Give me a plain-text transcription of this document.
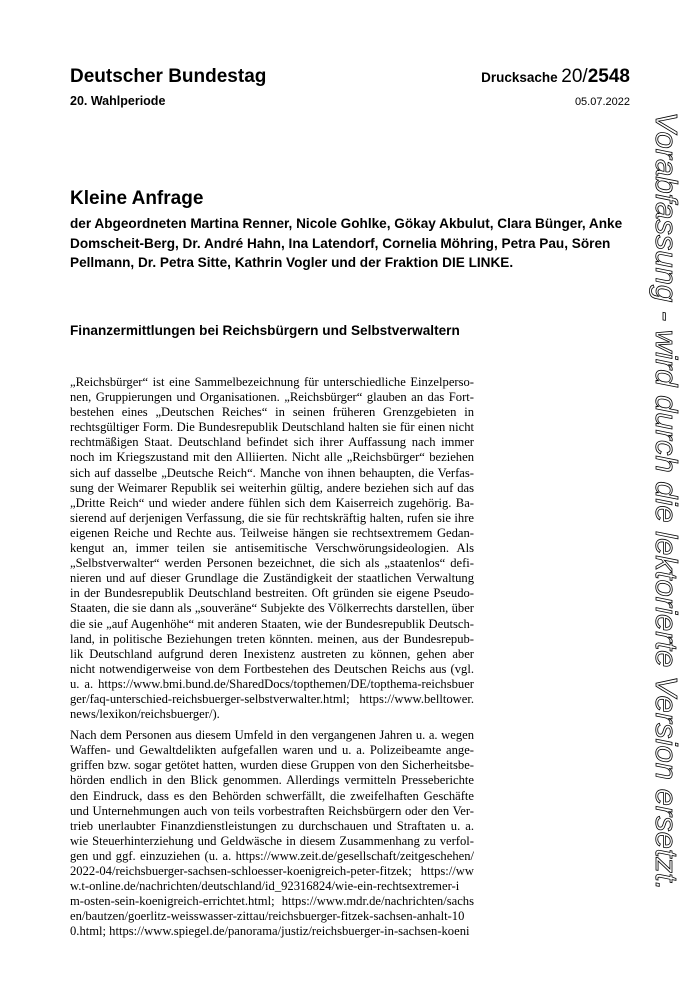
Deutscher Bundestag
20. Wahlperiode
Drucksache 20/2548
05.07.2022
Kleine Anfrage
der Abgeordneten Martina Renner, Nicole Gohlke, Gökay Akbulut, Clara Bünger, Anke Domscheit-Berg, Dr. André Hahn, Ina Latendorf, Cornelia Möhring, Petra Pau, Sören Pellmann, Dr. Petra Sitte, Kathrin Vogler und der Fraktion DIE LINKE.
Finanzermittlungen bei Reichsbürgern und Selbstverwaltern

„Reichsbürger“ ist eine Sammelbezeichnung für unterschiedliche Einzelperso-
nen, Gruppierungen und Organisationen. „Reichsbürger“ glauben an das Fort-
bestehen eines „Deutschen Reiches“ in seinen früheren Grenzgebieten in
rechtsgültiger Form. Die Bundesrepublik Deutschland halten sie für einen nicht
rechtmäßigen Staat. Deutschland befindet sich ihrer Auffassung nach immer
noch im Kriegszustand mit den Alliierten. Nicht alle „Reichsbürger“ beziehen
sich auf dasselbe „Deutsche Reich“. Manche von ihnen behaupten, die Verfas-
sung der Weimarer Republik sei weiterhin gültig, andere beziehen sich auf das
„Dritte Reich“ und wieder andere fühlen sich dem Kaiserreich zugehörig. Ba-
sierend auf derjenigen Verfassung, die sie für rechtskräftig halten, rufen sie ihre
eigenen Reiche und Rechte aus. Teilweise hängen sie rechtsextremem Gedan-
kengut an, immer teilen sie antisemitische Verschwörungsideologien. Als
„Selbstverwalter“ werden Personen bezeichnet, die sich als „staatenlos“ defi-
nieren und auf dieser Grundlage die Zuständigkeit der staatlichen Verwaltung
in der Bundesrepublik Deutschland bestreiten. Oft gründen sie eigene Pseudo-
Staaten, die sie dann als „souveräne“ Subjekte des Völkerrechts darstellen, über
die sie „auf Augenhöhe“ mit anderen Staaten, wie der Bundesrepublik Deutsch-
land, in politische Beziehungen treten könnten. meinen, aus der Bundesrepub-
lik Deutschland aufgrund deren Inexistenz austreten zu können, gehen aber
nicht notwendigerweise von dem Fortbestehen des Deutschen Reichs aus (vgl.
u. a. https://www.bmi.bund.de/SharedDocs/topthemen/DE/topthema-reichsbuer
ger/faq-unterschied-reichsbuerger-selbstverwalter.html; https://www.belltower.
news/lexikon/reichsbuerger/).

Nach dem Personen aus diesem Umfeld in den vergangenen Jahren u. a. wegen
Waffen- und Gewaltdelikten aufgefallen waren und u. a. Polizeibeamte ange-
griffen bzw. sogar getötet hatten, wurden diese Gruppen von den Sicherheitsbe-
hörden endlich in den Blick genommen. Allerdings vermitteln Presseberichte
den Eindruck, dass es den Behörden schwerfällt, die zweifelhaften Geschäfte
und Unternehmungen auch von teils vorbestraften Reichsbürgern oder den Ver-
trieb unerlaubter Finanzdienstleistungen zu durchschauen und Straftaten u. a.
wie Steuerhinterziehung und Geldwäsche in diesem Zusammenhang zu verfol-
gen und ggf. einzuziehen (u. a. https://www.zeit.de/gesellschaft/zeitgeschehen/
2022-04/reichsbuerger-sachsen-schloesser-koenigreich-peter-fitzek; https://ww
w.t-online.de/nachrichten/deutschland/id_92316824/wie-ein-rechtsextremer-i
m-osten-sein-koenigreich-errichtet.html; https://www.mdr.de/nachrichten/sachs
en/bautzen/goerlitz-weisswasser-zittau/reichsbuerger-fitzek-sachsen-anhalt-10
0.html; https://www.spiegel.de/panorama/justiz/reichsbuerger-in-sachsen-koeni

Vorabfassung - wird durch die lektorierte Version ersetzt.
